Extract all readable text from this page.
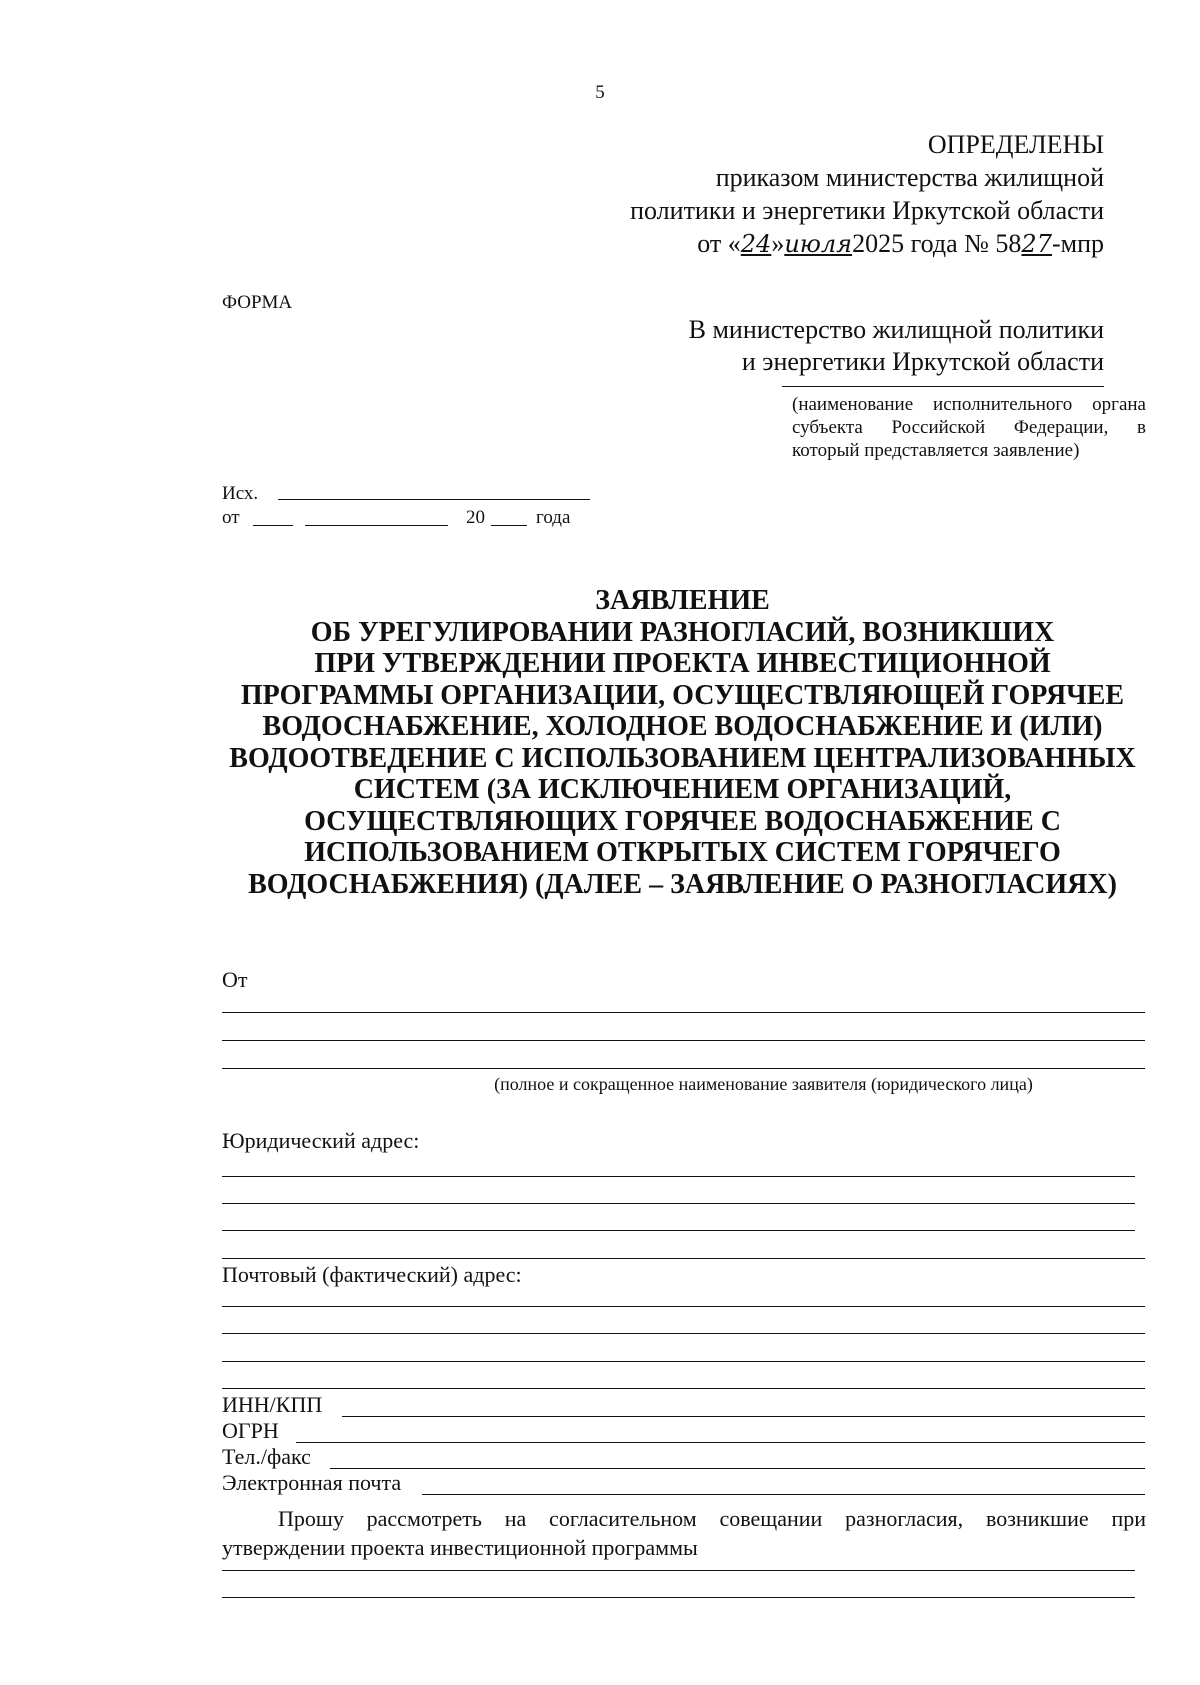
5
ОПРЕДЕЛЕНЫ
приказом министерства жилищной
политики и энергетики Иркутской области
от «24»июля2025 года № 5827-мпр
ФОРМА
В министерство жилищной политики
и энергетики Иркутской области
(наименование исполнительного органа субъекта Российской Федерации, в который представляется заявление)
Исх.
от	20	года
ЗАЯВЛЕНИЕ
ОБ УРЕГУЛИРОВАНИИ РАЗНОГЛАСИЙ, ВОЗНИКШИХ
ПРИ УТВЕРЖДЕНИИ ПРОЕКТА ИНВЕСТИЦИОННОЙ
ПРОГРАММЫ ОРГАНИЗАЦИИ, ОСУЩЕСТВЛЯЮЩЕЙ ГОРЯЧЕЕ
ВОДОСНАБЖЕНИЕ, ХОЛОДНОЕ ВОДОСНАБЖЕНИЕ И (ИЛИ)
ВОДООТВЕДЕНИЕ С ИСПОЛЬЗОВАНИЕМ ЦЕНТРАЛИЗОВАННЫХ
СИСТЕМ (ЗА ИСКЛЮЧЕНИЕМ ОРГАНИЗАЦИЙ,
ОСУЩЕСТВЛЯЮЩИХ ГОРЯЧЕЕ ВОДОСНАБЖЕНИЕ С
ИСПОЛЬЗОВАНИЕМ ОТКРЫТЫХ СИСТЕМ ГОРЯЧЕГО
ВОДОСНАБЖЕНИЯ) (ДАЛЕЕ – ЗАЯВЛЕНИЕ О РАЗНОГЛАСИЯХ)
От
(полное и сокращенное наименование заявителя (юридического лица)
Юридический адрес:
Почтовый (фактический) адрес:
ИНН/КПП
ОГРН
Тел./факс
Электронная почта
Прошу рассмотреть на согласительном совещании разногласия, возникшие при утверждении проекта инвестиционной программы
